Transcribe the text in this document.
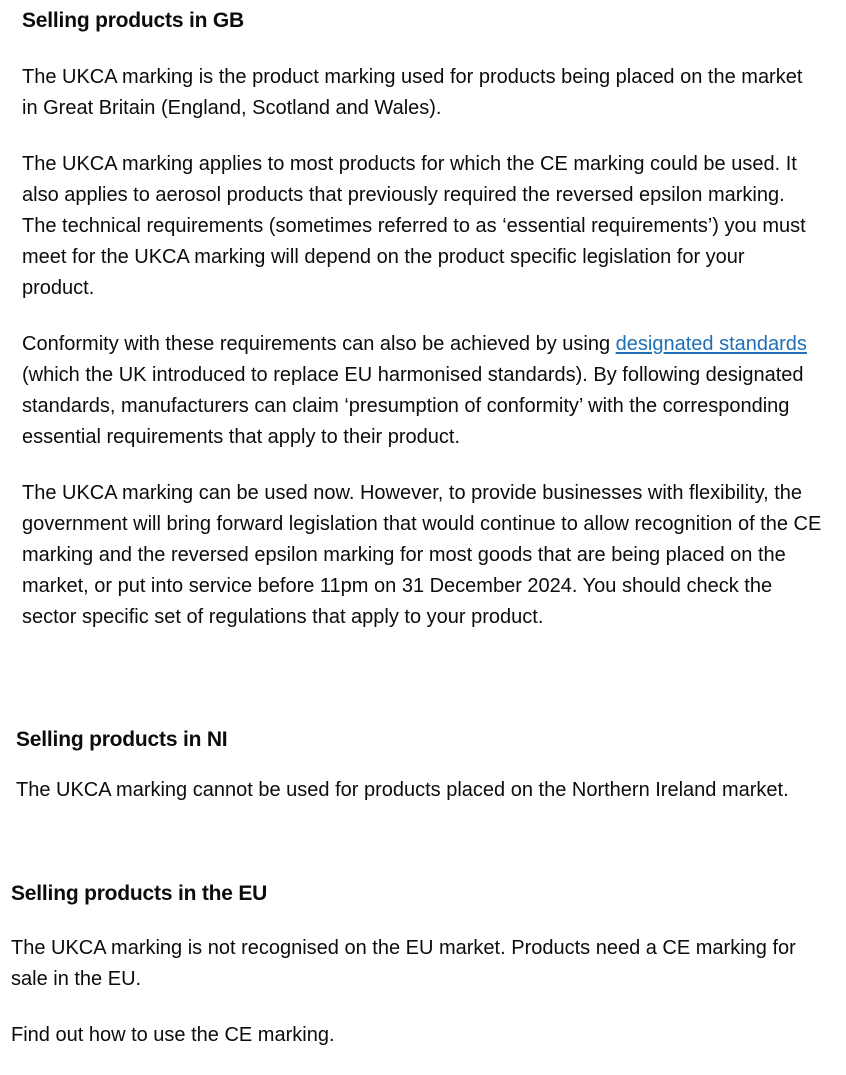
Selling products in GB

The UKCA marking is the product marking used for products being placed on the market in Great Britain (England, Scotland and Wales).

The UKCA marking applies to most products for which the CE marking could be used. It also applies to aerosol products that previously required the reversed epsilon marking. The technical requirements (sometimes referred to as ‘essential requirements’) you must meet for the UKCA marking will depend on the product specific legislation for your product.

Conformity with these requirements can also be achieved by using designated standards (which the UK introduced to replace EU harmonised standards). By following designated standards, manufacturers can claim ‘presumption of conformity’ with the corresponding essential requirements that apply to their product.

The UKCA marking can be used now. However, to provide businesses with flexibility, the government will bring forward legislation that would continue to allow recognition of the CE marking and the reversed epsilon marking for most goods that are being placed on the market, or put into service before 11pm on 31 December 2024. You should check the sector specific set of regulations that apply to your product.

Selling products in NI

The UKCA marking cannot be used for products placed on the Northern Ireland market.

Selling products in the EU

The UKCA marking is not recognised on the EU market. Products need a CE marking for sale in the EU.

Find out how to use the CE marking.
